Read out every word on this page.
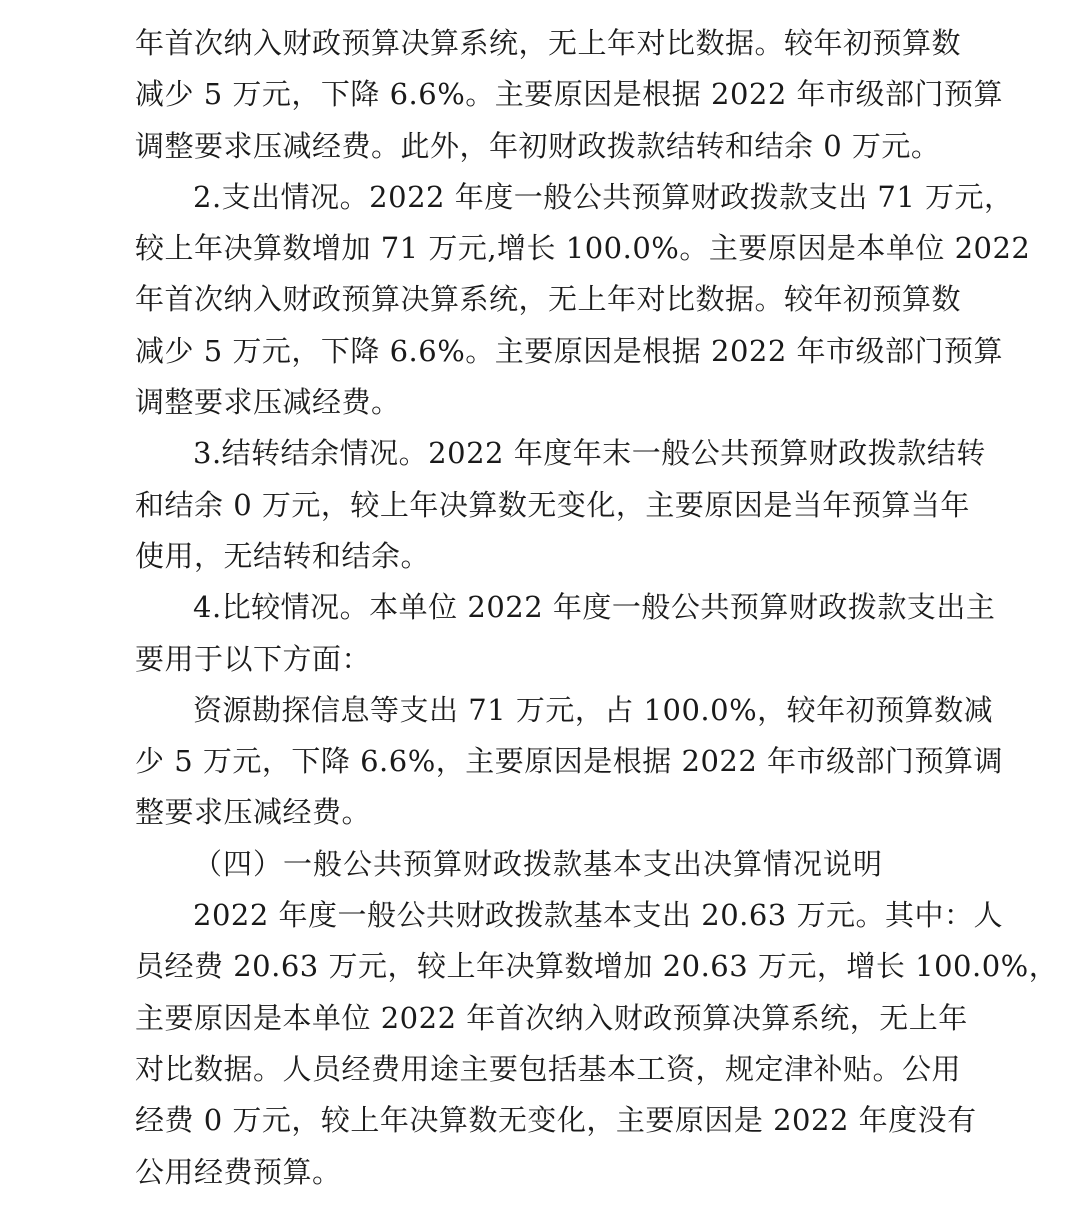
年首次纳入财政预算决算系统，无上年对比数据。较年初预算数
减少 5 万元，下降 6.6%。主要原因是根据 2022 年市级部门预算
调整要求压减经费。此外，年初财政拨款结转和结余 0 万元。
2.支出情况。2022 年度一般公共预算财政拨款支出 71 万元，
较上年决算数增加 71 万元,增长 100.0%。主要原因是本单位 2022
年首次纳入财政预算决算系统，无上年对比数据。较年初预算数
减少 5 万元，下降 6.6%。主要原因是根据 2022 年市级部门预算
调整要求压减经费。
3.结转结余情况。2022 年度年末一般公共预算财政拨款结转
和结余 0 万元，较上年决算数无变化，主要原因是当年预算当年
使用，无结转和结余。
4.比较情况。本单位 2022 年度一般公共预算财政拨款支出主
要用于以下方面：
资源勘探信息等支出 71 万元，占 100.0%，较年初预算数减
少 5 万元，下降 6.6%，主要原因是根据 2022 年市级部门预算调
整要求压减经费。
（四）一般公共预算财政拨款基本支出决算情况说明
2022 年度一般公共财政拨款基本支出 20.63 万元。其中：人
员经费 20.63 万元，较上年决算数增加 20.63 万元，增长 100.0%，
主要原因是本单位 2022 年首次纳入财政预算决算系统，无上年
对比数据。人员经费用途主要包括基本工资，规定津补贴。公用
经费 0 万元，较上年决算数无变化，主要原因是 2022 年度没有
公用经费预算。
